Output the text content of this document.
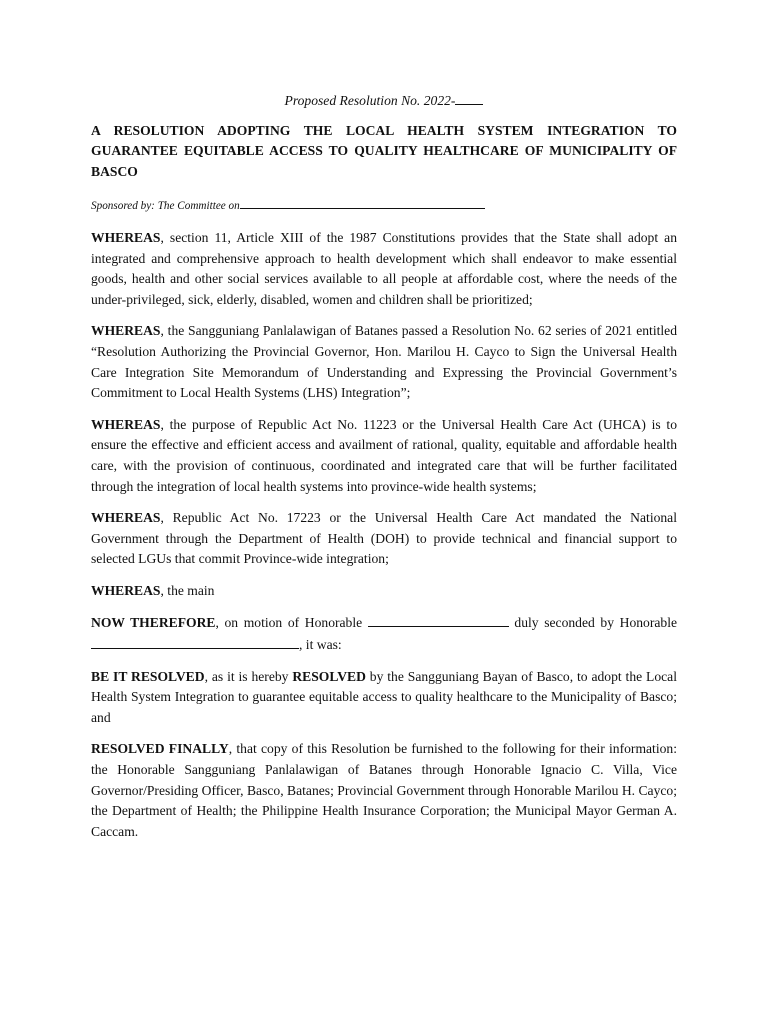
Proposed Resolution No. 2022-
A RESOLUTION ADOPTING THE LOCAL HEALTH SYSTEM INTEGRATION TO GUARANTEE EQUITABLE ACCESS TO QUALITY HEALTHCARE OF MUNICIPALITY OF BASCO
Sponsored by: The Committee on

WHEREAS, section 11, Article XIII of the 1987 Constitutions provides that the State shall adopt an integrated and comprehensive approach to health development which shall endeavor to make essential goods, health and other social services available to all people at affordable cost, where the needs of the under-privileged, sick, elderly, disabled, women and children shall be prioritized;

WHEREAS, the Sangguniang Panlalawigan of Batanes passed a Resolution No. 62 series of 2021 entitled “Resolution Authorizing the Provincial Governor, Hon. Marilou H. Cayco to Sign the Universal Health Care Integration Site Memorandum of Understanding and Expressing the Provincial Government’s Commitment to Local Health Systems (LHS) Integration”;

WHEREAS, the purpose of Republic Act No. 11223 or the Universal Health Care Act (UHCA) is to ensure the effective and efficient access and availment of rational, quality, equitable and affordable health care, with the provision of continuous, coordinated and integrated care that will be further facilitated through the integration of local health systems into province-wide health systems;

WHEREAS, Republic Act No. 17223 or the Universal Health Care Act mandated the National Government through the Department of Health (DOH) to provide technical and financial support to selected LGUs that commit Province-wide integration;

WHEREAS, the main

NOW THEREFORE, on motion of Honorable	duly seconded by Honorable , it was:

BE IT RESOLVED, as it is hereby RESOLVED by the Sangguniang Bayan of Basco, to adopt the Local Health System Integration to guarantee equitable access to quality healthcare to the Municipality of Basco; and

RESOLVED FINALLY, that copy of this Resolution be furnished to the following for their information: the Honorable Sangguniang Panlalawigan of Batanes through Honorable Ignacio C. Villa, Vice Governor/Presiding Officer, Basco, Batanes; Provincial Government through Honorable Marilou H. Cayco; the Department of Health; the Philippine Health Insurance Corporation; the Municipal Mayor German A. Caccam.
